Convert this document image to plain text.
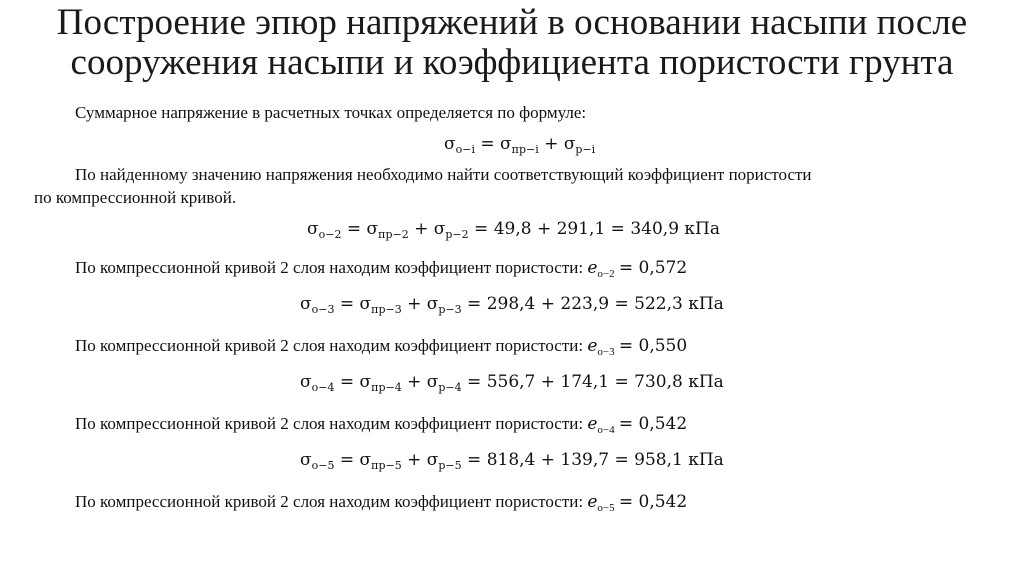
Построение эпюр напряжений в основании насыпи после
сооружения насыпи и коэффициента пористости грунта
Суммарное напряжение в расчетных точках определяется по формуле:
$\sigma_{о-i} = \sigma_{пр-i} + \sigma_{р-i}$
По найденному значению напряжения необходимо найти соответствующий коэффициент пористости
по компрессионной кривой.
$\sigma_{о-2} = \sigma_{пр-2} + \sigma_{р-2} = 49,8 + 291,1 = 340,9$ кПа
По компрессионной кривой 2 слоя находим коэффициент пористости: $e_{о-2} = 0,572$
$\sigma_{о-3} = \sigma_{пр-3} + \sigma_{р-3} = 298,4 + 223,9 = 522,3$ кПа
По компрессионной кривой 2 слоя находим коэффициент пористости: $e_{о-3} = 0,550$
$\sigma_{о-4} = \sigma_{пр-4} + \sigma_{р-4} = 556,7 + 174,1 = 730,8$ кПа
По компрессионной кривой 2 слоя находим коэффициент пористости: $e_{о-4} = 0,542$
$\sigma_{о-5} = \sigma_{пр-5} + \sigma_{р-5} = 818,4 + 139,7 = 958,1$ кПа
По компрессионной кривой 2 слоя находим коэффициент пористости: $e_{о-5} = 0,542$
